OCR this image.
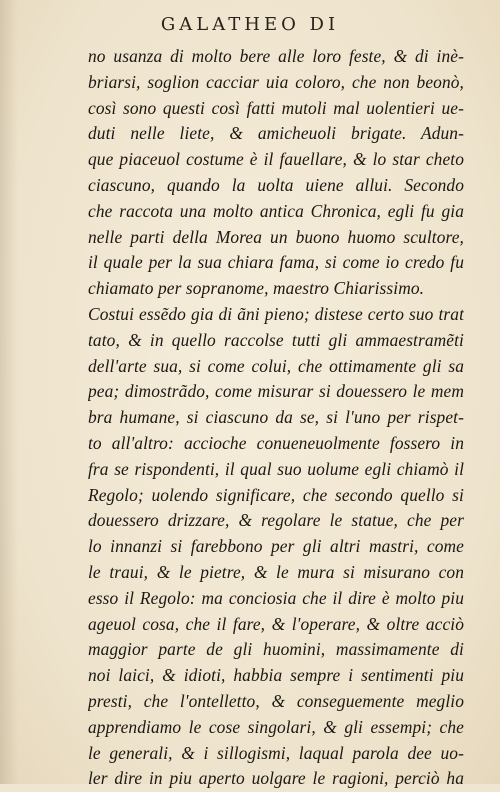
GALATHEO DI
no usanza di molto bere alle loro feste, & di inè-
briarsi, soglion cacciar uia coloro, che non beonò,
così sono questi così fatti mutoli mal uolentieri ue-
duti nelle liete, & amicheuoli brigate. Adun-
que piaceuol costume è il fauellare, & lo star cheto
ciascuno, quando la uolta uiene allui. Secondo
che raccota una molto antica Chronica, egli fu gia
nelle parti della Morea un buono huomo scultore,
il quale per la sua chiara fama, si come io credo fu
chiamato per sopranome, maestro Chiarissimo.
Costui essẽdo gia di ãni pieno; distese certo suo trat
tato, & in quello raccolse tutti gli ammaestramẽti
dell'arte sua, si come colui, che ottimamente gli sa
pea; dimostrãdo, come misurar si douessero le mem
bra humane, si ciascuno da se, si l'uno per rispet-
to all'altro: accioche conueneuolmente fossero in
fra se rispondenti, il qual suo uolume egli chiamò il
Regolo; uolendo significare, che secondo quello si
douessero drizzare, & regolare le statue, che per
lo innanzi si farebbono per gli altri mastri, come
le traui, & le pietre, & le mura si misurano con
esso il Regolo: ma conciosia che il dire è molto piu
ageuol cosa, che il fare, & l'operare, & oltre acciò
maggior parte de gli huomini, massimamente di
noi laici, & idioti, habbia sempre i sentimenti piu
presti, che l'ontelletto, & conseguemente meglio
apprendiamo le cose singolari, & gli essempi; che
le generali, & i sillogismi, laqual parola dee uo-
ler dire in piu aperto uolgare le ragioni, perciò ha
